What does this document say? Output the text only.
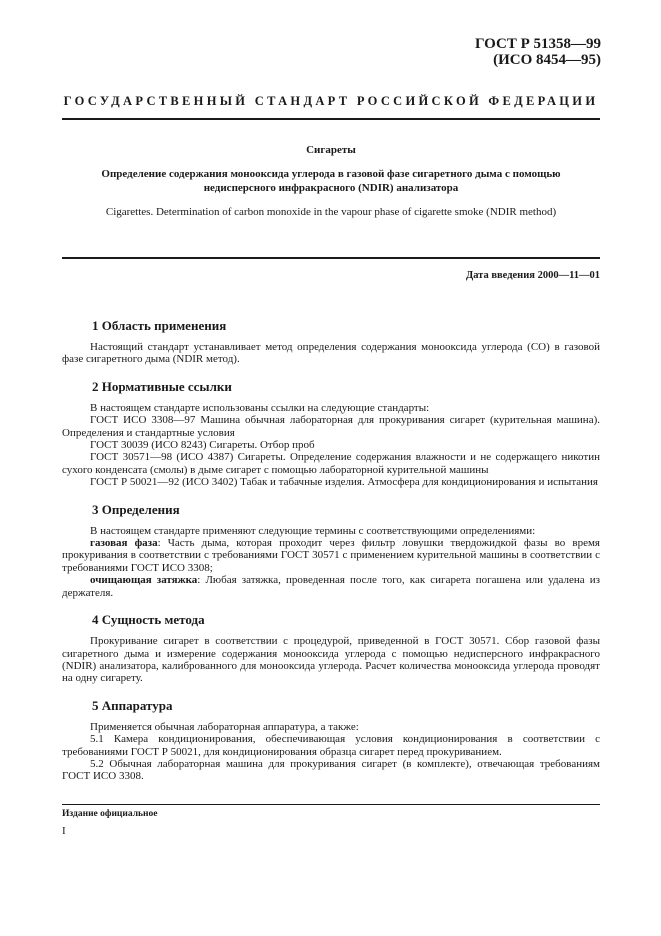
ГОСТ Р 51358—99
(ИСО 8454—95)
ГОСУДАРСТВЕННЫЙ СТАНДАРТ РОССИЙСКОЙ ФЕДЕРАЦИИ
Сигареты
Определение содержания монооксида углерода в газовой фазе сигаретного дыма с помощью недисперсного инфракрасного (NDIR) анализатора
Cigarettes. Determination of carbon monoxide in the vapour phase of cigarette smoke (NDIR method)
Дата введения 2000—11—01
1 Область применения

Настоящий стандарт устанавливает метод определения содержания монооксида углерода (СО) в газовой фазе сигаретного дыма (NDIR метод).

2 Нормативные ссылки

В настоящем стандарте использованы ссылки на следующие стандарты:

ГОСТ ИСО 3308—97 Машина обычная лабораторная для прокуривания сигарет (курительная машина). Определения и стандартные условия

ГОСТ 30039 (ИСО 8243) Сигареты. Отбор проб

ГОСТ 30571—98 (ИСО 4387) Сигареты. Определение содержания влажности и не содержащего никотин сухого конденсата (смолы) в дыме сигарет с помощью лабораторной курительной машины

ГОСТ Р 50021—92 (ИСО 3402) Табак и табачные изделия. Атмосфера для кондиционирования и испытания

3 Определения

В настоящем стандарте применяют следующие термины с соответствующими определениями:

газовая фаза: Часть дыма, которая проходит через фильтр ловушки твердожидкой фазы во время прокуривания в соответствии с требованиями ГОСТ 30571 с применением курительной машины в соответствии с требованиями ГОСТ ИСО 3308;

очищающая затяжка: Любая затяжка, проведенная после того, как сигарета погашена или удалена из держателя.

4 Сущность метода

Прокуривание сигарет в соответствии с процедурой, приведенной в ГОСТ 30571. Сбор газовой фазы сигаретного дыма и измерение содержания монооксида углерода с помощью недисперсного инфракрасного (NDIR) анализатора, калиброванного для монооксида углерода. Расчет количества монооксида углерода проводят на одну сигарету.

5 Аппаратура

Применяется обычная лабораторная аппаратура, а также:

5.1 Камера кондиционирования, обеспечивающая условия кондиционирования в соответствии с требованиями ГОСТ Р 50021, для кондиционирования образца сигарет перед прокуриванием.

5.2 Обычная лабораторная машина для прокуривания сигарет (в комплекте), отвечающая требованиям ГОСТ ИСО 3308.

Издание официальное
I
